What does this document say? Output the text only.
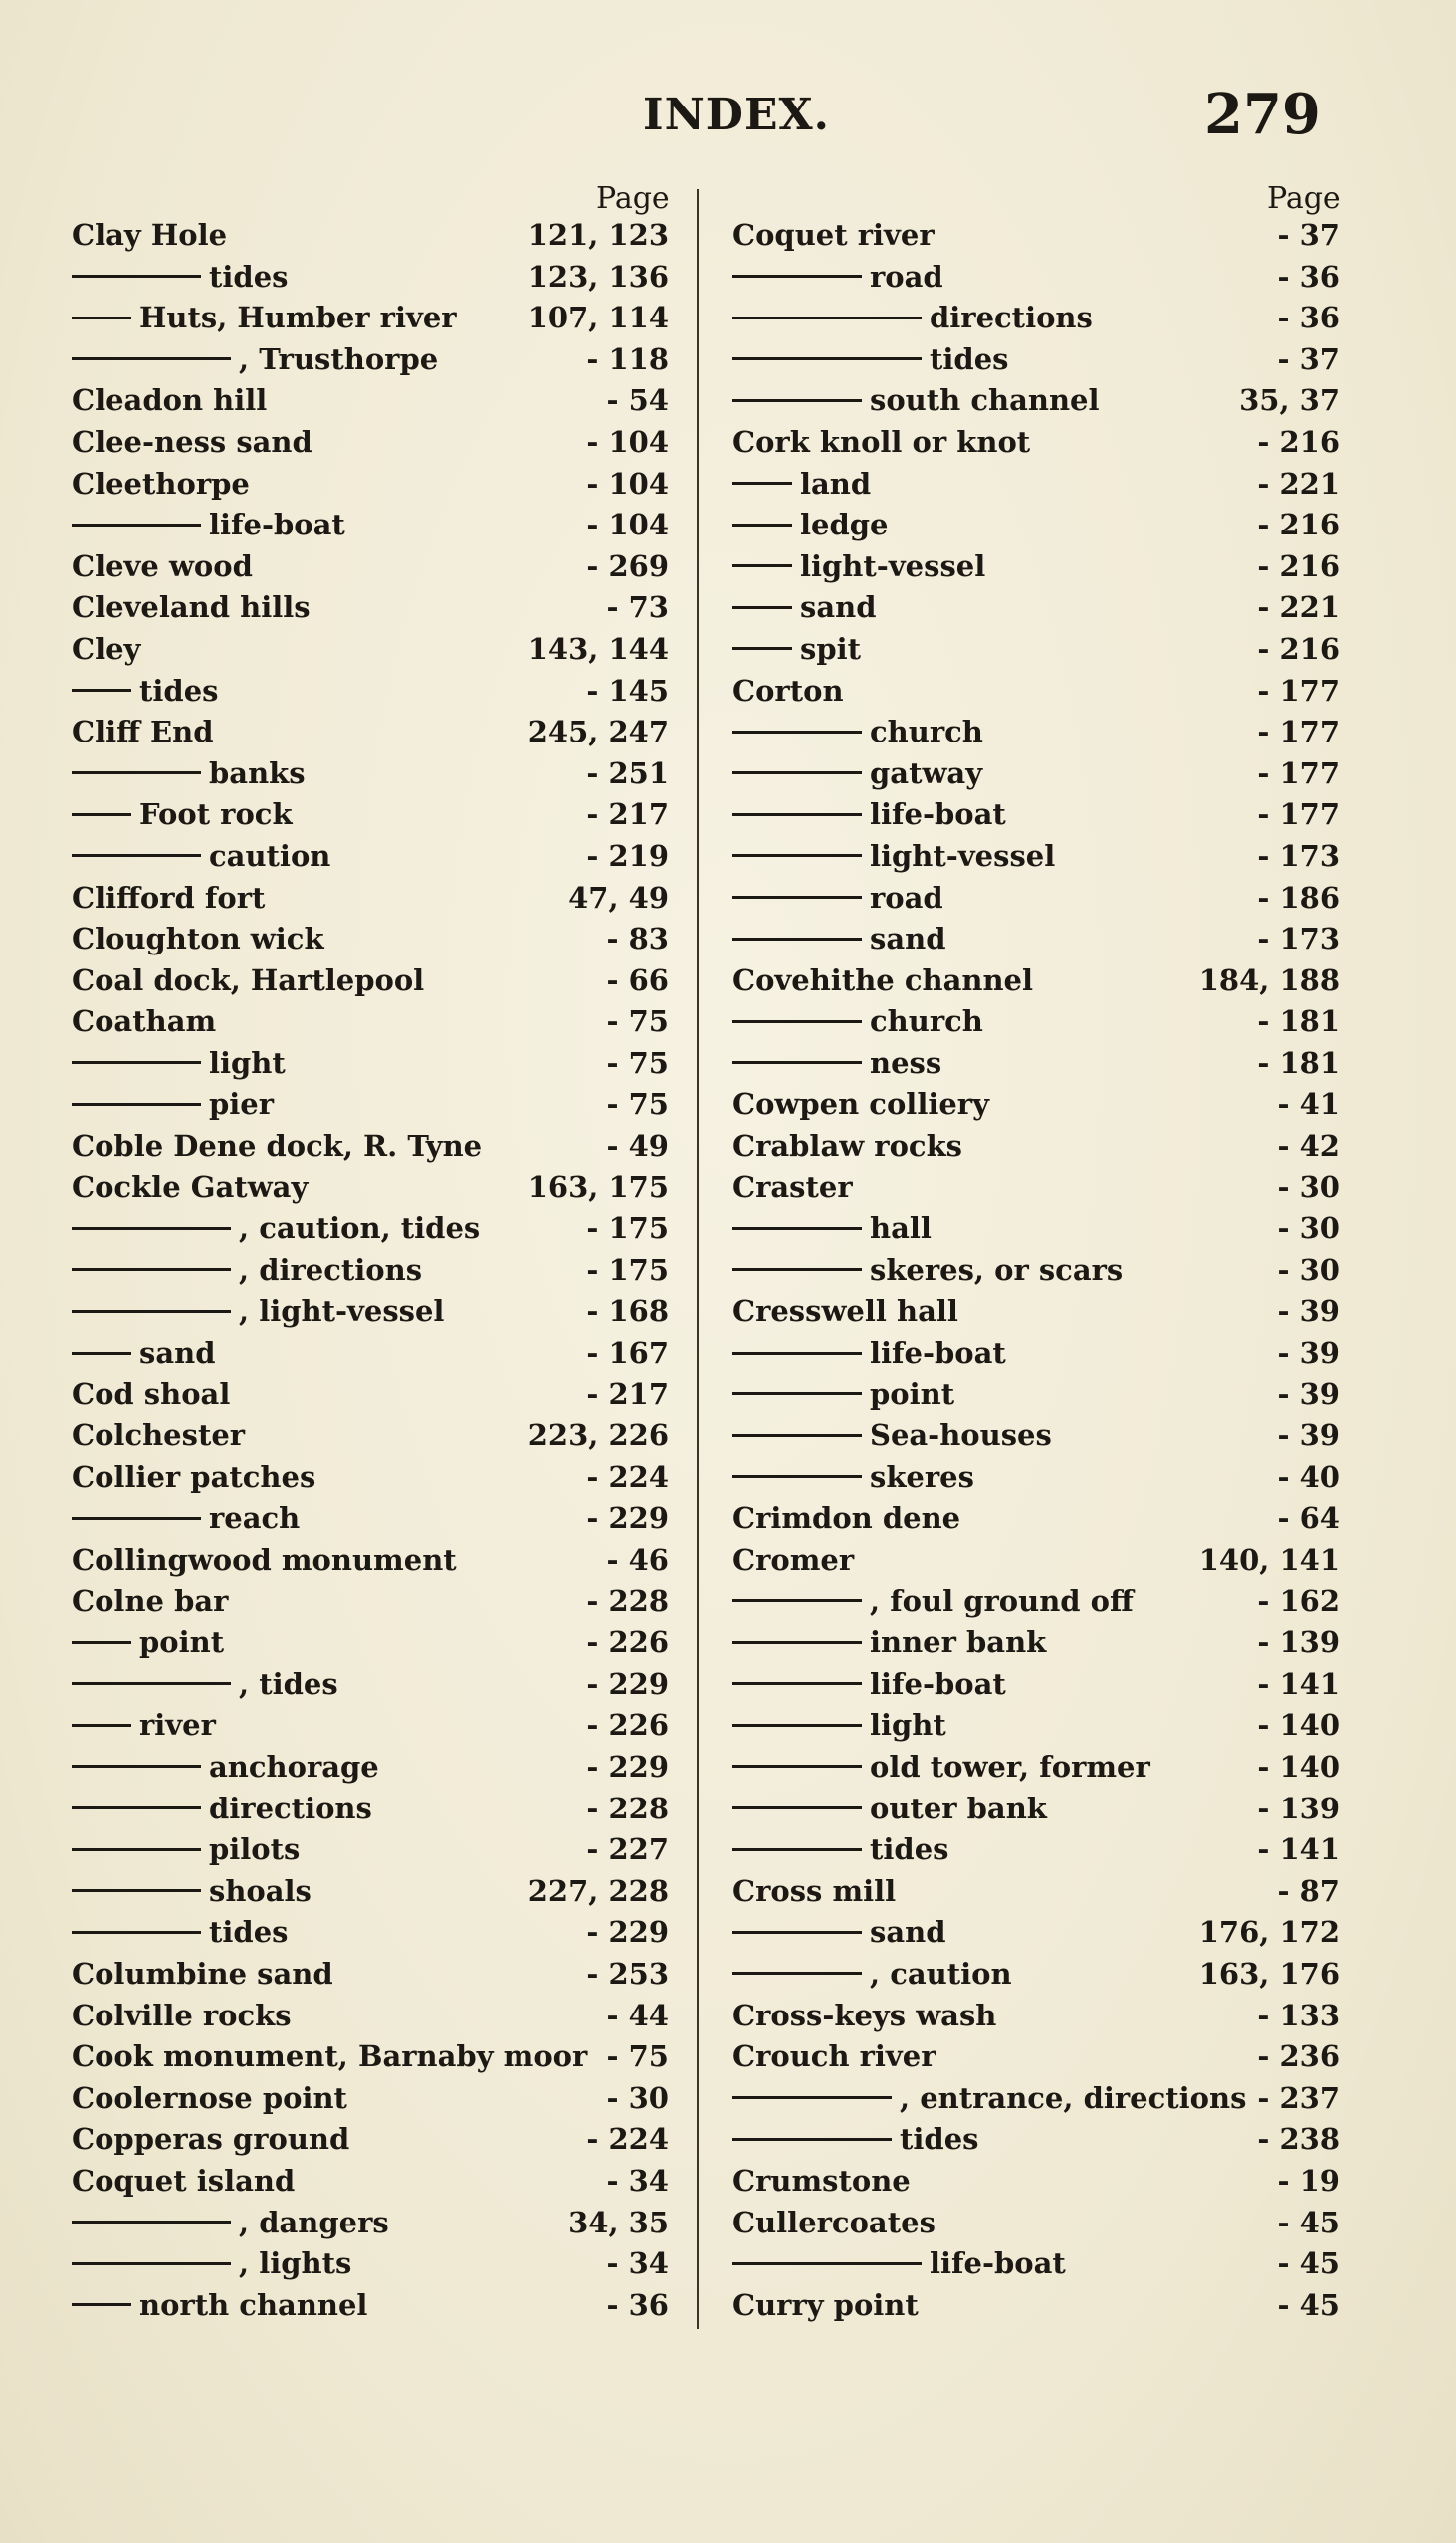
INDEX.	279
Page
Clay Hole	121, 123
tides	123, 136
Huts, Humber river	107, 114
, Trusthorpe	- 118
Cleadon hill	- 54
Clee-ness sand	- 104
Cleethorpe	- 104
life-boat	- 104
Cleve wood	- 269
Cleveland hills	- 73
Cley	143, 144
tides	- 145
Cliff End	245, 247
banks	- 251
Foot rock	- 217
caution	- 219
Clifford fort	47, 49
Cloughton wick	- 83
Coal dock, Hartlepool	- 66
Coatham	- 75
light	- 75
pier	- 75
Coble Dene dock, R. Tyne	- 49
Cockle Gatway	163, 175
, caution, tides	- 175
, directions	- 175
, light-vessel	- 168
sand	- 167
Cod shoal	- 217
Colchester	223, 226
Collier patches	- 224
reach	- 229
Collingwood monument	- 46
Colne bar	- 228
point	- 226
, tides	- 229
river	- 226
anchorage	- 229
directions	- 228
pilots	- 227
shoals	227, 228
tides	- 229
Columbine sand	- 253
Colville rocks	- 44
Cook monument, Barnaby moor - 75
Coolernose point	- 30
Copperas ground	- 224
Coquet island	- 34
, dangers	34, 35
, lights	- 34
north channel	- 36
Page
Coquet river	- 37
road	- 36
directions	- 36
tides	- 37
south channel	35, 37
Cork knoll or knot	- 216
land	- 221
ledge	- 216
light-vessel	- 216
sand	- 221
spit	- 216
Corton	- 177
church	- 177
gatway	- 177
life-boat	- 177
light-vessel	- 173
road	- 186
sand	- 173
Covehithe channel	184, 188
church	- 181
ness	- 181
Cowpen colliery	- 41
Crablaw rocks	- 42
Craster	- 30
hall	- 30
skeres, or scars	- 30
Cresswell hall	- 39
life-boat	- 39
point	- 39
Sea-houses	- 39
skeres	- 40
Crimdon dene	- 64
Cromer	140, 141
, foul ground off	- 162
inner bank	- 139
life-boat	- 141
light	- 140
old tower, former	- 140
outer bank	- 139
tides	- 141
Cross mill	- 87
sand	176, 172
, caution	163, 176
Cross-keys wash	- 133
Crouch river	- 236
, entrance, directions - 237
tides	- 238
Crumstone	- 19
Cullercoates	- 45
life-boat	- 45
Curry point	- 45
